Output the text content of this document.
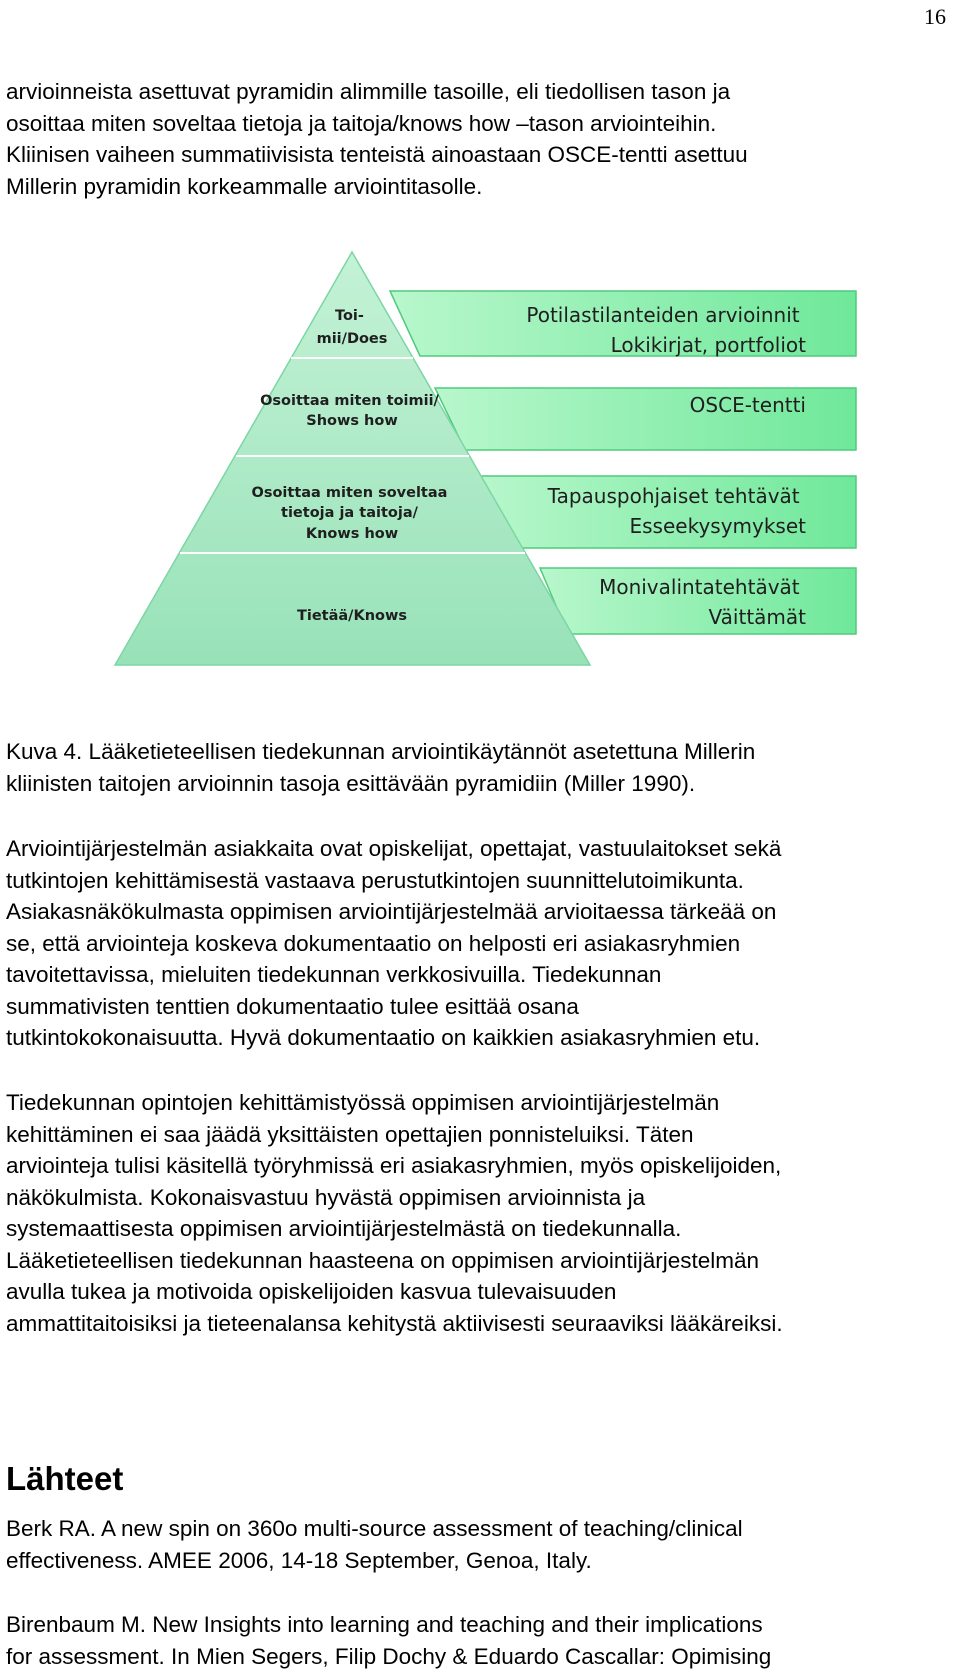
16

arvioinneista asettuvat pyramidin alimmille tasoille, eli tiedollisen tason ja
osoittaa miten soveltaa tietoja ja taitoja/knows how –tason arviointeihin.
Kliinisen vaiheen summatiivisista tenteistä ainoastaan OSCE-tentti asettuu
Millerin pyramidin korkeammalle arviointitasolle.

Toi- mii/Does
Osoittaa miten toimii/ Shows how
Osoittaa miten soveltaa tietoja ja taitoja/ Knows how
Tietää/Knows
Potilastilanteiden arvioinnit Lokikirjat, portfoliot
OSCE-tentti
Tapauspohjaiset tehtävät Esseekysymykset
Monivalintatehtävät Väittämät

Kuva 4. Lääketieteellisen tiedekunnan arviointikäytännöt asetettuna Millerin
kliinisten taitojen arvioinnin tasoja esittävään pyramidiin (Miller 1990).

Arviointijärjestelmän asiakkaita ovat opiskelijat, opettajat, vastuulaitokset sekä
tutkintojen kehittämisestä vastaava perustutkintojen suunnittelutoimikunta.
Asiakasnäkökulmasta oppimisen arviointijärjestelmää arvioitaessa tärkeää on
se, että arviointeja koskeva dokumentaatio on helposti eri asiakasryhmien
tavoitettavissa, mieluiten tiedekunnan verkkosivuilla. Tiedekunnan
summativisten tenttien dokumentaatio tulee esittää osana
tutkintokokonaisuutta. Hyvä dokumentaatio on kaikkien asiakasryhmien etu.

Tiedekunnan opintojen kehittämistyössä oppimisen arviointijärjestelmän
kehittäminen ei saa jäädä yksittäisten opettajien ponnisteluiksi. Täten
arviointeja tulisi käsitellä työryhmissä eri asiakasryhmien, myös opiskelijoiden,
näkökulmista. Kokonaisvastuu hyvästä oppimisen arvioinnista ja
systemaattisesta oppimisen arviointijärjestelmästä on tiedekunnalla.
Lääketieteellisen tiedekunnan haasteena on oppimisen arviointijärjestelmän
avulla tukea ja motivoida opiskelijoiden kasvua tulevaisuuden
ammattitaitoisiksi ja tieteenalansa kehitystä aktiivisesti seuraaviksi lääkäreiksi.

Lähteet

Berk RA. A new spin on 360o multi-source assessment of teaching/clinical
effectiveness. AMEE 2006, 14-18 September, Genoa, Italy.

Birenbaum M. New Insights into learning and teaching and their implications
for assessment. In Mien Segers, Filip Dochy & Eduardo Cascallar: Opimising
